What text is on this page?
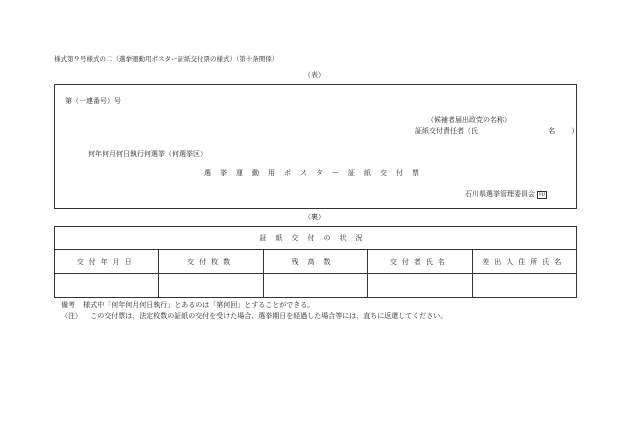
様式第９号様式の二（選挙運動用ポスター証紙交付票の様式）（第十条関係）
（表）
第（一連番号）号
（候補者届出政党の名称）
証紙交付責任者（氏	名 ）
何年何月何日執行何選挙（何選挙区）
選挙運動用ポスター証紙交付票
石川県選挙管理委員会 印
（裏）
証紙交付の状況				
交付年月日	交付枚数	残高数	交付者氏名	差出人住所氏名

備考 様式中「何年何月何日執行」とあるのは「第何回」とすることができる。
（注） この交付票は、法定枚数の証紙の交付を受けた場合、選挙期日を経過した場合等には、直ちに返還してください。
